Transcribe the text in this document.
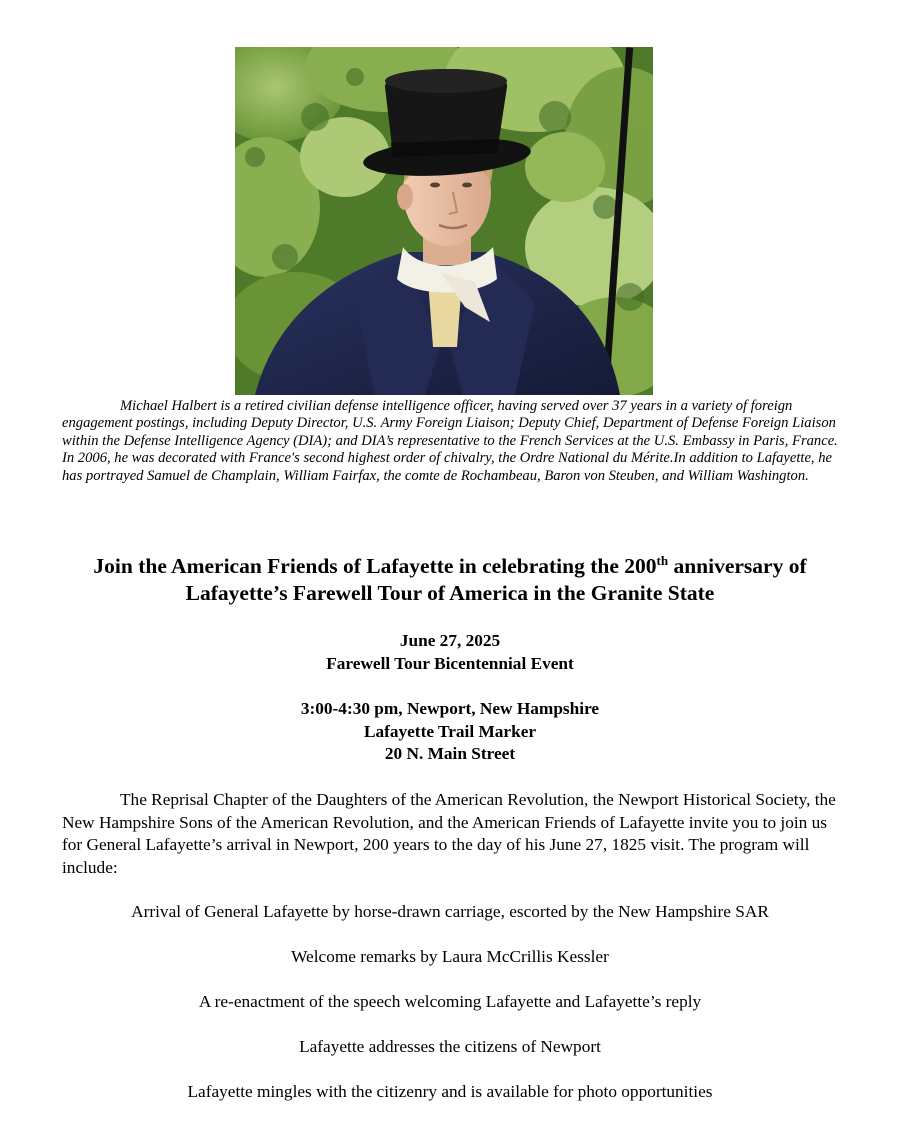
Michael Halbert is a retired civilian defense intelligence officer, having served over 37 years in a variety of foreign engagement postings, including Deputy Director, U.S. Army Foreign Liaison; Deputy Chief, Department of Defense Foreign Liaison within the Defense Intelligence Agency (DIA); and DIA’s representative to the French Services at the U.S. Embassy in Paris, France. In 2006, he was decorated with France's second highest order of chivalry, the Ordre National du Mérite.In addition to Lafayette, he has portrayed Samuel de Champlain, William Fairfax, the comte de Rochambeau, Baron von Steuben, and William Washington.

Join the American Friends of Lafayette in celebrating the 200th anniversary of
Lafayette’s Farewell Tour of America in the Granite State

June 27, 2025
Farewell Tour Bicentennial Event

3:00-4:30 pm, Newport, New Hampshire
Lafayette Trail Marker
20 N. Main Street

The Reprisal Chapter of the Daughters of the American Revolution, the Newport Historical Society, the New Hampshire Sons of the American Revolution, and the American Friends of Lafayette invite you to join us for General Lafayette’s arrival in Newport, 200 years to the day of his June 27, 1825 visit. The program will include:

Arrival of General Lafayette by horse-drawn carriage, escorted by the New Hampshire SAR

Welcome remarks by Laura McCrillis Kessler

A re-enactment of the speech welcoming Lafayette and Lafayette’s reply

Lafayette addresses the citizens of Newport

Lafayette mingles with the citizenry and is available for photo opportunities
